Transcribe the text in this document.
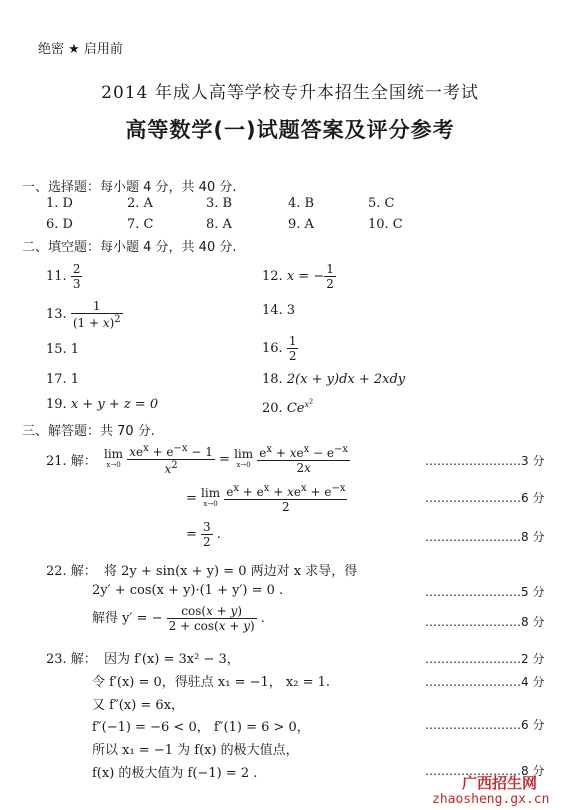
绝密 ★ 启用前
2014 年成人高等学校专升本招生全国统一考试
高等数学(一)试题答案及评分参考
一、选择题：每小题 4 分，共 40 分.
1. D	2. A	3. B	4. B	5. C
6. D	7. C	8. A	9. A	10. C
二、填空题：每小题 4 分，共 40 分.
11. $\frac{2}{3}$	12. x = − $\frac{1}{2}$
13. $\frac{1}{(1 + x)^2}$	14. 3
15. 1	16. $\frac{1}{2}$
17. 1	18. 2(x + y)dx + 2xdy
19. x + y + z = 0	20. $Ce^{x^2}$
三、解答题：共 70 分.
21. 解：
lim
x→0
$\frac{xe^x + e^{-x} - 1}{x^2} = \lim$
x→0
$\frac{e^x + xe^x - e^{-x}}{2x}$	……………………3 分
= lim
x→0
$\frac{e^x + e^x + xe^x + e^{-x}}{2}$	……………………6 分
= $\frac{3}{2}$ .	……………………8 分
22. 解： 将 2y + sin(x + y) = 0 两边对 x 求导，得
2y′ + cos(x + y)·(1 + y′) = 0 .	……………………5 分
解得 y′ = − $\frac{\cos(x + y)}{2 + \cos(x + y)}$ .	……………………8 分
23. 解： 因为 f′(x) = 3x² − 3，	……………………2 分
令 f′(x) = 0，得驻点 x₁ = −1， x₂ = 1.	……………………4 分
又 f″(x) = 6x，
f″(−1) = −6 < 0， f″(1) = 6 > 0，	……………………6 分
所以 x₁ = −1 为 f(x) 的极大值点，
f(x) 的极大值为 f(−1) = 2 .	……………………8 分
广西招生网
zhaosheng.gx.cn
